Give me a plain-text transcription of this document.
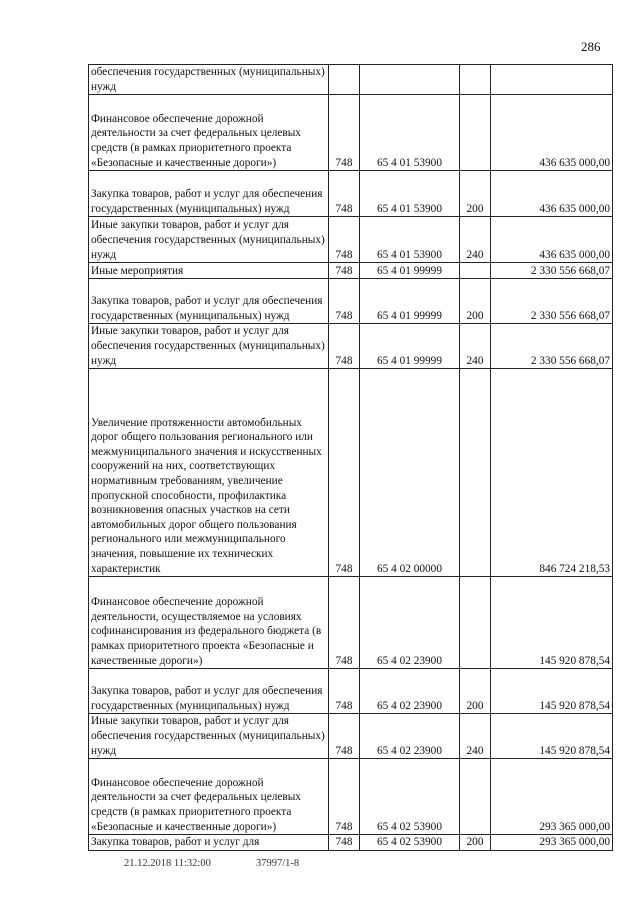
286
обеспечения государственных (муниципальных) нужд				
Финансовое обеспечение дорожной деятельности за счет федеральных целевых средств (в рамках приоритетного проекта «Безопасные и качественные дороги»)	748	65 4 01 53900		436 635 000,00
Закупка товаров, работ и услуг для обеспечения государственных (муниципальных) нужд	748	65 4 01 53900	200	436 635 000,00
Иные закупки товаров, работ и услуг для обеспечения государственных (муниципальных) нужд	748	65 4 01 53900	240	436 635 000,00
Иные мероприятия	748	65 4 01 99999		2 330 556 668,07
Закупка товаров, работ и услуг для обеспечения государственных (муниципальных) нужд	748	65 4 01 99999	200	2 330 556 668,07
Иные закупки товаров, работ и услуг для обеспечения государственных (муниципальных) нужд	748	65 4 01 99999	240	2 330 556 668,07
Увеличение протяженности автомобильных дорог общего пользования регионального или межмуниципального значения и искусственных сооружений на них, соответствующих нормативным требованиям, увеличение пропускной способности, профилактика возникновения опасных участков на сети автомобильных дорог общего пользования регионального или межмуниципального значения, повышение их технических характеристик	748	65 4 02 00000		846 724 218,53
Финансовое обеспечение дорожной деятельности, осуществляемое на условиях софинансирования из федерального бюджета (в рамках приоритетного проекта «Безопасные и качественные дороги»)	748	65 4 02 23900		145 920 878,54
Закупка товаров, работ и услуг для обеспечения государственных (муниципальных) нужд	748	65 4 02 23900	200	145 920 878,54
Иные закупки товаров, работ и услуг для обеспечения государственных (муниципальных) нужд	748	65 4 02 23900	240	145 920 878,54
Финансовое обеспечение дорожной деятельности за счет федеральных целевых средств (в рамках приоритетного проекта «Безопасные и качественные дороги»)	748	65 4 02 53900		293 365 000,00
Закупка товаров, работ и услуг для	748	65 4 02 53900	200	293 365 000,00
21.12.2018 11:32:00	37997/1-8
